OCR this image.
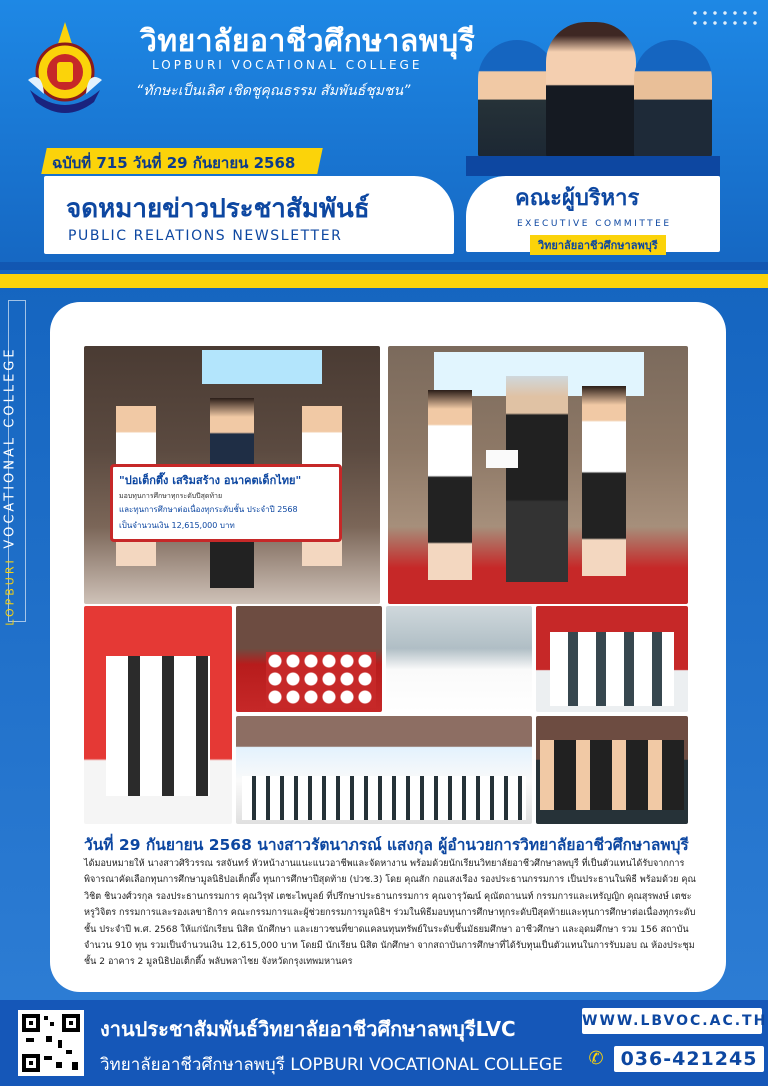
วิทยาลัยอาชีวศึกษาลพบุรี
LOPBURI VOCATIONAL COLLEGE
“ทักษะเป็นเลิศ เชิดชูคุณธรรม สัมพันธ์ชุมชน”
ฉบับที่ 715 วันที่ 29 กันยายน 2568
จดหมายข่าวประชาสัมพันธ์
PUBLIC RELATIONS NEWSLETTER
คณะผู้บริหาร
EXECUTIVE COMMITTEE
วิทยาลัยอาชีวศึกษาลพบุรี
VOCATIONAL COLLEGE
LOPBURI
"ปอเต็กตึ๊ง เสริมสร้าง อนาคตเด็กไทย"
มอบทุนการศึกษาทุกระดับปีสุดท้าย
และทุนการศึกษาต่อเนื่องทุกระดับชั้น ประจำปี 2568
เป็นจำนวนเงิน 12,615,000 บาท
วันที่ 29 กันยายน 2568 นางสาวรัตนาภรณ์ แสงกุล ผู้อำนวยการวิทยาลัยอาชีวศึกษาลพบุรี
ได้มอบหมายให้ นางสาวศิริวรรณ รสจันทร์ หัวหน้างานแนะแนวอาชีพและจัดหางาน พร้อมด้วยนักเรียนวิทยาลัยอาชีวศึกษาลพบุรี ที่เป็นตัวแทนได้รับจากการพิจารณาคัดเลือกทุนการศึกษามูลนิธิปอเต็กตึ๊ง ทุนการศึกษาปีสุดท้าย (ปวช.3) โดย คุณสัก กอแสงเรือง รองประธานกรรมการ เป็นประธานในพิธี พร้อมด้วย คุณวิชิต ชินวงศ์วรกุล รองประธานกรรมการ คุณวิรุฬ เตชะไพบูลย์ ที่ปรึกษาประธานกรรมการ คุณจารุวัฒน์ คุณัตถานนท์ กรรมการและเหรัญญิก คุณสุรพงษ์ เตชะหรูวิจิตร กรรมการและรองเลขาธิการ คณะกรรมการและผู้ช่วยกรรมการมูลนิธิฯ ร่วมในพิธีมอบทุนการศึกษาทุกระดับปีสุดท้ายและทุนการศึกษาต่อเนื่องทุกระดับชั้น ประจำปี พ.ศ. 2568 ให้แก่นักเรียน นิสิต นักศึกษา และเยาวชนที่ขาดแคลนทุนทรัพย์ในระดับชั้นมัธยมศึกษา อาชีวศึกษา และอุดมศึกษา รวม 156 สถาบัน จำนวน 910 ทุน รวมเป็นจำนวนเงิน 12,615,000 บาท โดยมี นักเรียน นิสิต นักศึกษา จากสถาบันการศึกษาที่ได้รับทุนเป็นตัวแทนในการรับมอบ ณ ห้องประชุมชั้น 2 อาคาร 2 มูลนิธิปอเต็กตึ๊ง พลับพลาไชย จังหวัดกรุงเทพมหานคร
งานประชาสัมพันธ์วิทยาลัยอาชีวศึกษาลพบุรีLVC
วิทยาลัยอาชีวศึกษาลพบุรี LOPBURI VOCATIONAL COLLEGE
WWW.LBVOC.AC.TH
✆ 036-421245
